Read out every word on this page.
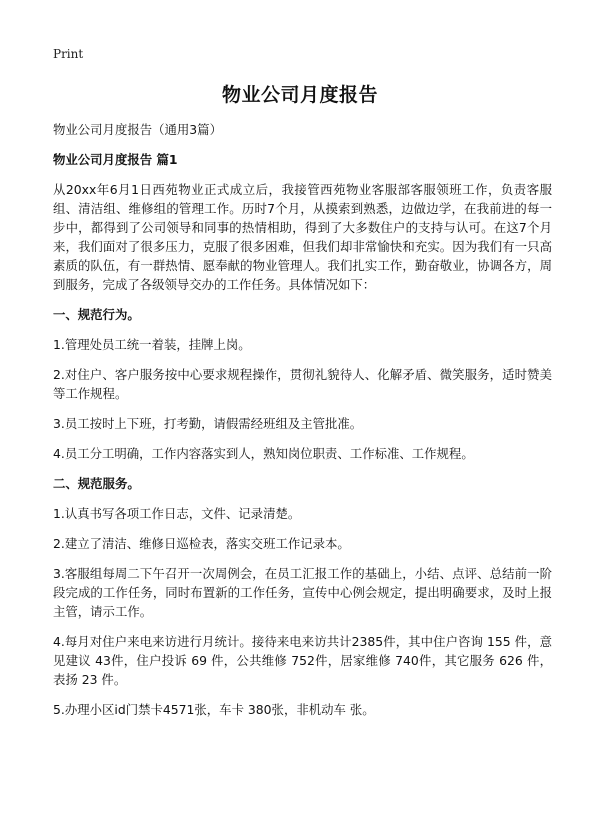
Print
物业公司月度报告

物业公司月度报告（通用3篇）

物业公司月度报告 篇1

从20xx年6月1日西苑物业正式成立后，我接管西苑物业客服部客服领班工作，负责客服组、清洁组、维修组的管理工作。历时7个月，从摸索到熟悉，边做边学，在我前进的每一步中，都得到了公司领导和同事的热情相助，得到了大多数住户的支持与认可。在这7个月来，我们面对了很多压力，克服了很多困难，但我们却非常愉快和充实。因为我们有一只高素质的队伍，有一群热情、愿奉献的物业管理人。我们扎实工作，勤奋敬业，协调各方，周到服务，完成了各级领导交办的工作任务。具体情况如下：

一、规范行为。

1.管理处员工统一着装，挂牌上岗。

2.对住户、客户服务按中心要求规程操作，贯彻礼貌待人、化解矛盾、微笑服务，适时赞美等工作规程。

3.员工按时上下班，打考勤，请假需经班组及主管批准。

4.员工分工明确，工作内容落实到人，熟知岗位职责、工作标准、工作规程。

二、规范服务。

1.认真书写各项工作日志，文件、记录清楚。

2.建立了清洁、维修日巡检表，落实交班工作记录本。

3.客服组每周二下午召开一次周例会，在员工汇报工作的基础上，小结、点评、总结前一阶段完成的工作任务，同时布置新的工作任务，宣传中心例会规定，提出明确要求，及时上报主管，请示工作。

4.每月对住户来电来访进行月统计。接待来电来访共计2385件，其中住户咨询 155 件，意见建议 43件，住户投诉 69 件，公共维修 752件，居家维修 740件，其它服务 626 件，表扬 23 件。

5.办理小区id门禁卡4571张，车卡 380张，非机动车 张。
